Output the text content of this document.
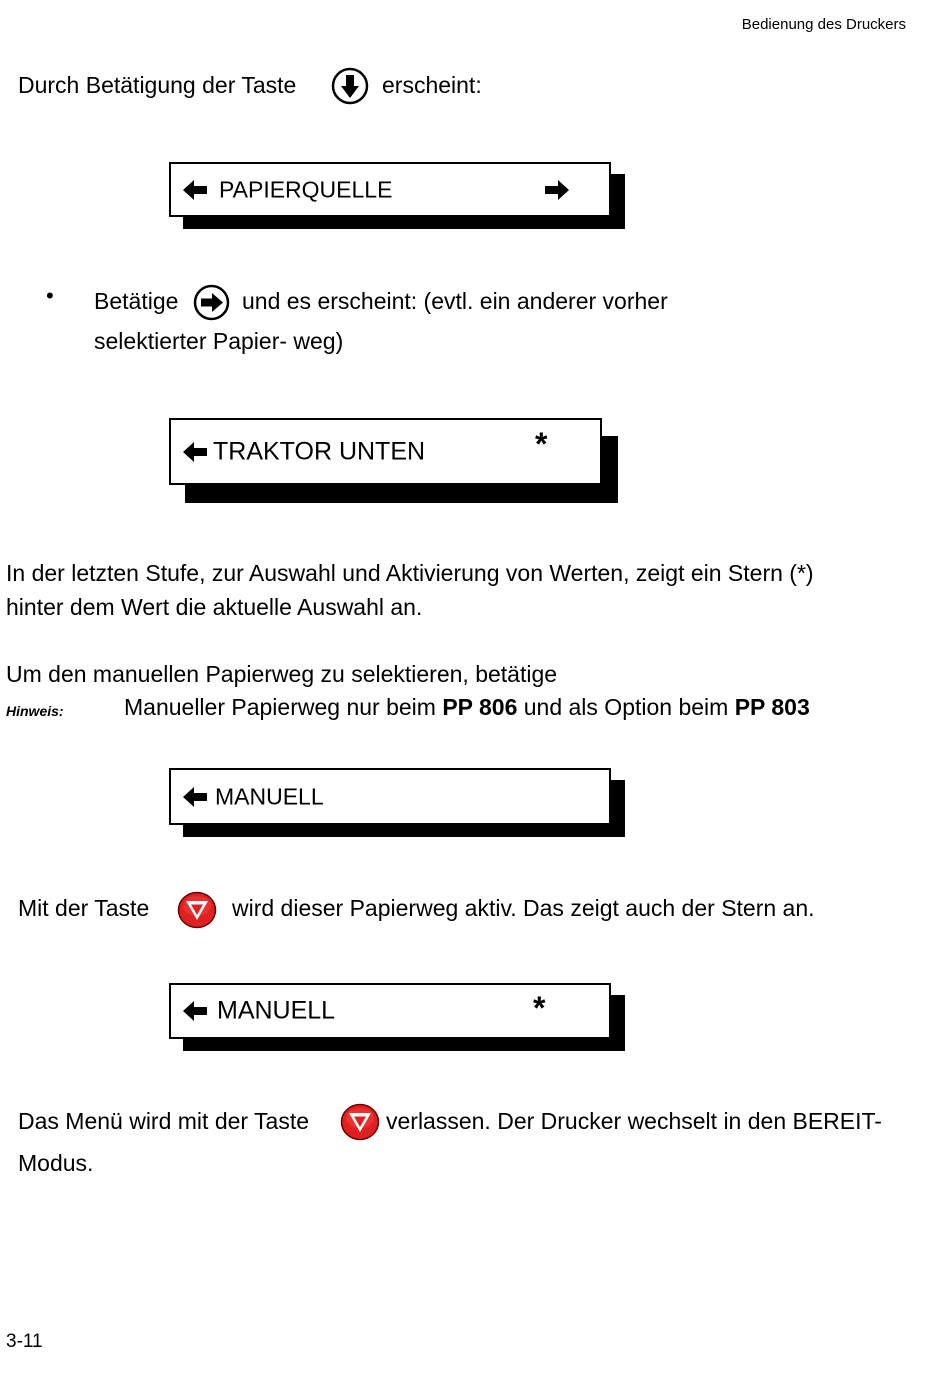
Bedienung des Druckers
Durch Betätigung der Taste	erscheint:
PAPIERQUELLE
• Betätige	und es erscheint: (evtl. ein anderer vorher
selektierter Papier- weg)
TRAKTOR UNTEN	*
In der letzten Stufe, zur Auswahl und Aktivierung von Werten, zeigt ein Stern (*)
hinter dem Wert die aktuelle Auswahl an.
Um den manuellen Papierweg zu selektieren, betätige
Hinweis:	Manueller Papierweg nur beim PP 806 und als Option beim PP 803
MANUELL
Mit der Taste	wird dieser Papierweg aktiv. Das zeigt auch der Stern an.
MANUELL	*
Das Menü wird mit der Taste	verlassen. Der Drucker wechselt in den BEREIT-
Modus.
3-11
